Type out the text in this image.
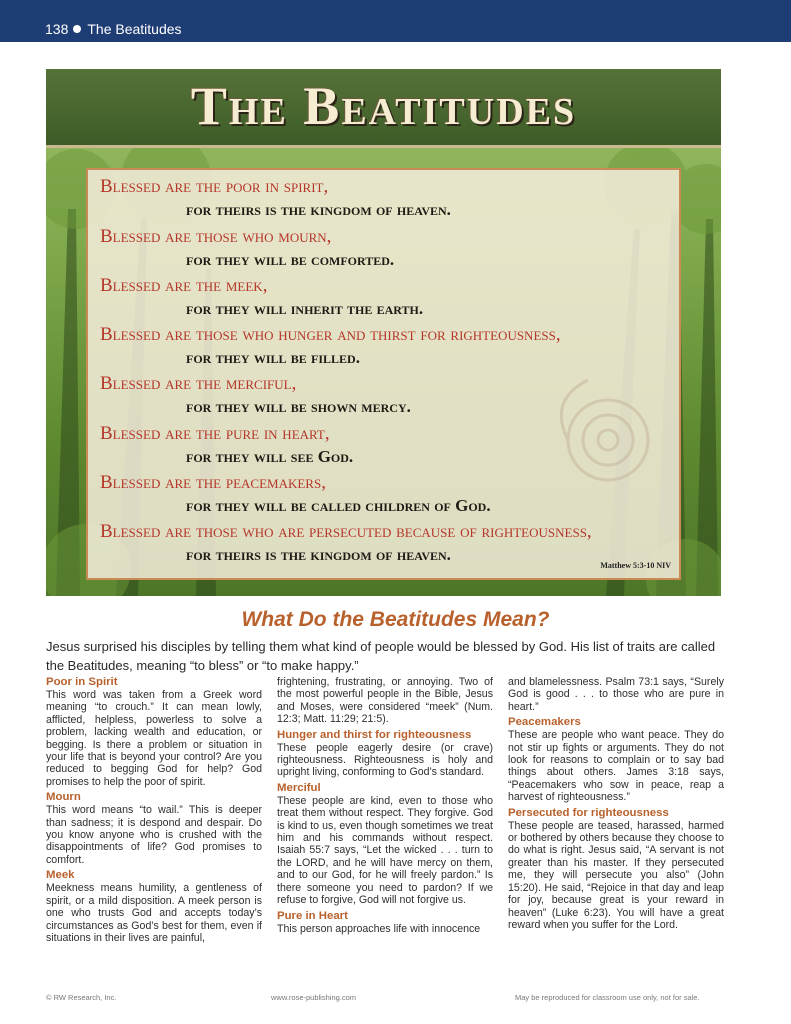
138 The Beatitudes
The Beatitudes
Blessed are the poor in spirit,
for theirs is the kingdom of heaven.
Blessed are those who mourn,
for they will be comforted.
Blessed are the meek,
for they will inherit the earth.
Blessed are those who hunger and thirst for righteousness,
for they will be filled.
Blessed are the merciful,
for they will be shown mercy.
Blessed are the pure in heart,
for they will see God.
Blessed are the peacemakers,
for they will be called children of God.
Blessed are those who are persecuted because of righteousness,
for theirs is the kingdom of heaven.
Matthew 5:3-10 NIV
What Do the Beatitudes Mean?
Jesus surprised his disciples by telling them what kind of people would be blessed by God. His list of traits are called the Beatitudes, meaning “to bless” or “to make happy.”
Poor in Spirit

This word was taken from a Greek word meaning “to crouch.” It can mean lowly, afflicted, helpless, powerless to solve a problem, lacking wealth and education, or begging. Is there a problem or situation in your life that is beyond your control? Are you reduced to begging God for help? God promises to help the poor of spirit.

Mourn

This word means “to wail.” This is deeper than sadness; it is despond and despair. Do you know anyone who is crushed with the disappointments of life? God promises to comfort.

Meek

Meekness means humility, a gentleness of spirit, or a mild disposition. A meek person is one who trusts God and accepts today’s circumstances as God’s best for them, even if situations in their lives are painful,

frightening, frustrating, or annoying. Two of the most powerful people in the Bible, Jesus and Moses, were considered “meek” (Num. 12:3; Matt. 11:29; 21:5).

Hunger and thirst for righteousness

These people eagerly desire (or crave) righteousness. Righteousness is holy and upright living, conforming to God’s standard.

Merciful

These people are kind, even to those who treat them without respect. They forgive. God is kind to us, even though sometimes we treat him and his commands without respect. Isaiah 55:7 says, “Let the wicked . . . turn to the LORD, and he will have mercy on them, and to our God, for he will freely pardon.” Is there someone you need to pardon? If we refuse to forgive, God will not forgive us.

Pure in Heart

This person approaches life with innocence

and blamelessness. Psalm 73:1 says, “Surely God is good . . . to those who are pure in heart.”

Peacemakers

These are people who want peace. They do not stir up fights or arguments. They do not look for reasons to complain or to say bad things about others. James 3:18 says, “Peacemakers who sow in peace, reap a harvest of righteousness.”

Persecuted for righteousness

These people are teased, harassed, harmed or bothered by others because they choose to do what is right. Jesus said, “A servant is not greater than his master. If they persecuted me, they will persecute you also” (John 15:20). He said, “Rejoice in that day and leap for joy, because great is your reward in heaven” (Luke 6:23). You will have a great reward when you suffer for the Lord.

© RW Research, Inc.	www.rose-publishing.com	May be reproduced for classroom use only, not for sale.
